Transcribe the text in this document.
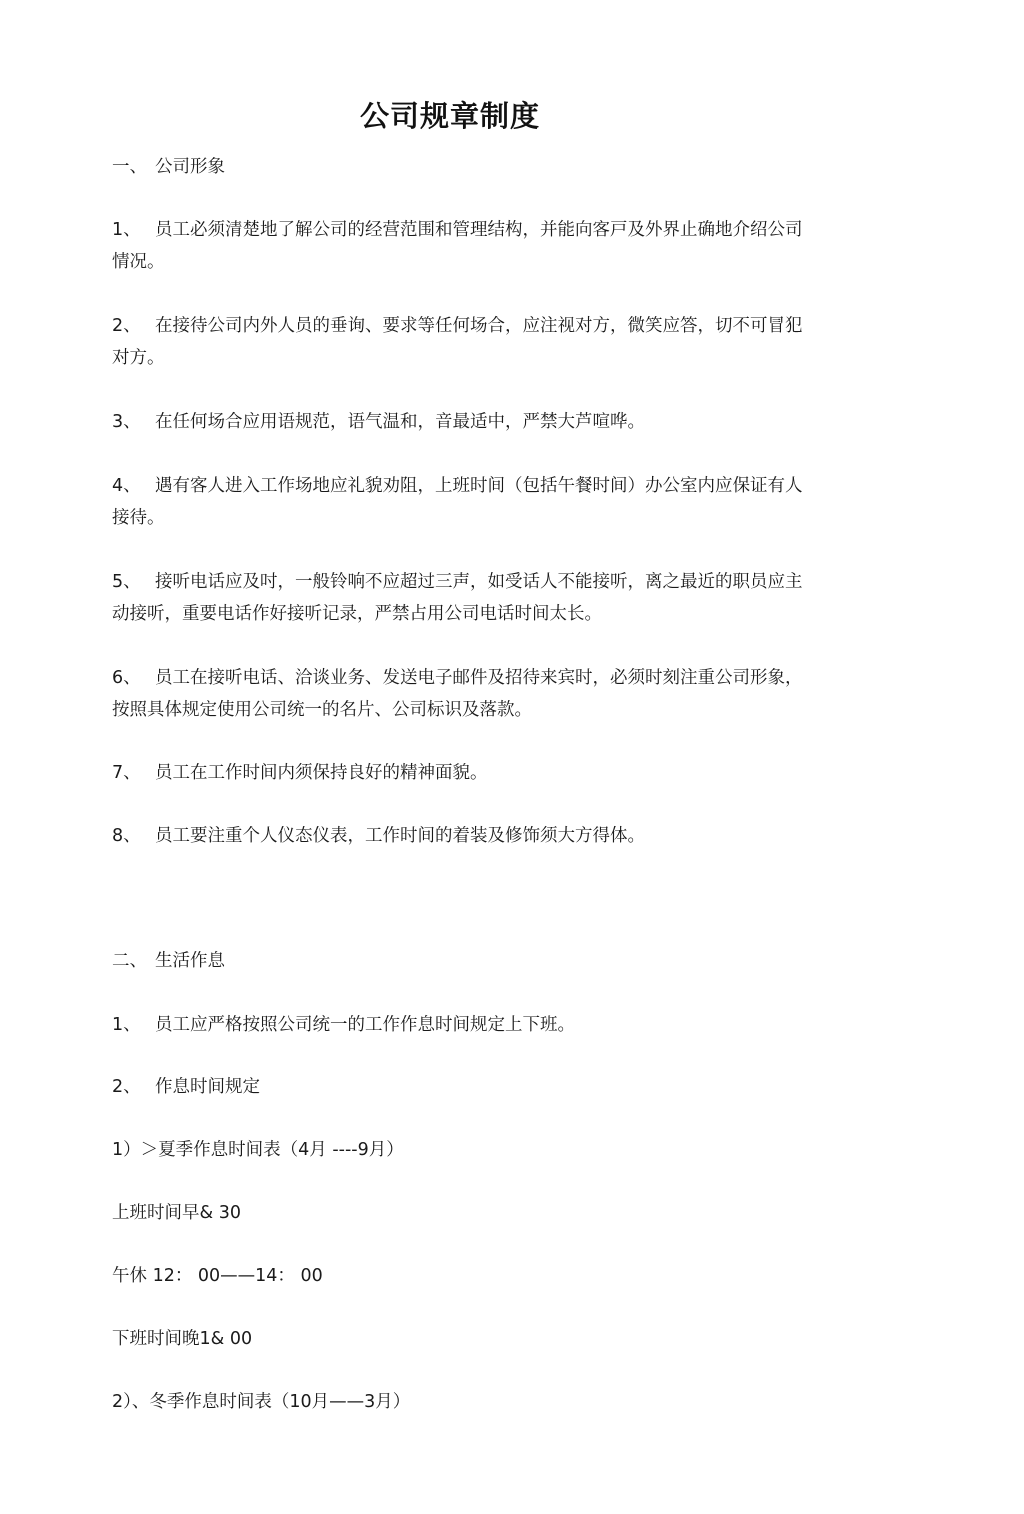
公司规章制度
一、 公司形象
1、 员工必须清楚地了解公司的经营范围和管理结构，并能向客戸及外界止确地介绍公司
情况。
2、 在接待公司内外人员的垂询、要求等任何场合，应注视对方，微笑应答，切不可冒犯
对方。
3、 在任何场合应用语规范，语气温和，音最适中，严禁大芦喧哗。
4、 遇有客人进入工作场地应礼貌劝阻，上班时间（包括午餐时间）办公室内应保证有人
接待。
5、 接听电话应及吋，一般铃响不应超过三声，如受话人不能接听，离之最近的职员应主
动接听，重要电话作好接听记录，严禁占用公司电话时间太长。
6、 员工在接听电话、洽谈业务、发送电子邮件及招待来宾时，必须时刻注重公司形象，
按照具体规定使用公司统一的名片、公司标识及落款。
7、 员工在工作时间内须保持良好的精神面貌。
8、 员工要注重个人仪态仪表，工作时间的着装及修饰须大方得体。
二、 生活作息
1、 员工应严格按照公司统一的工作作息时间规定上下班。
2、 作息时间规定
1）＞夏季作息时间表（4月 ----9月）
上班时间早& 30
午休 12： 00——14： 00
下班时间晚1& 00
2）、冬季作息时间表（10月——3月）
